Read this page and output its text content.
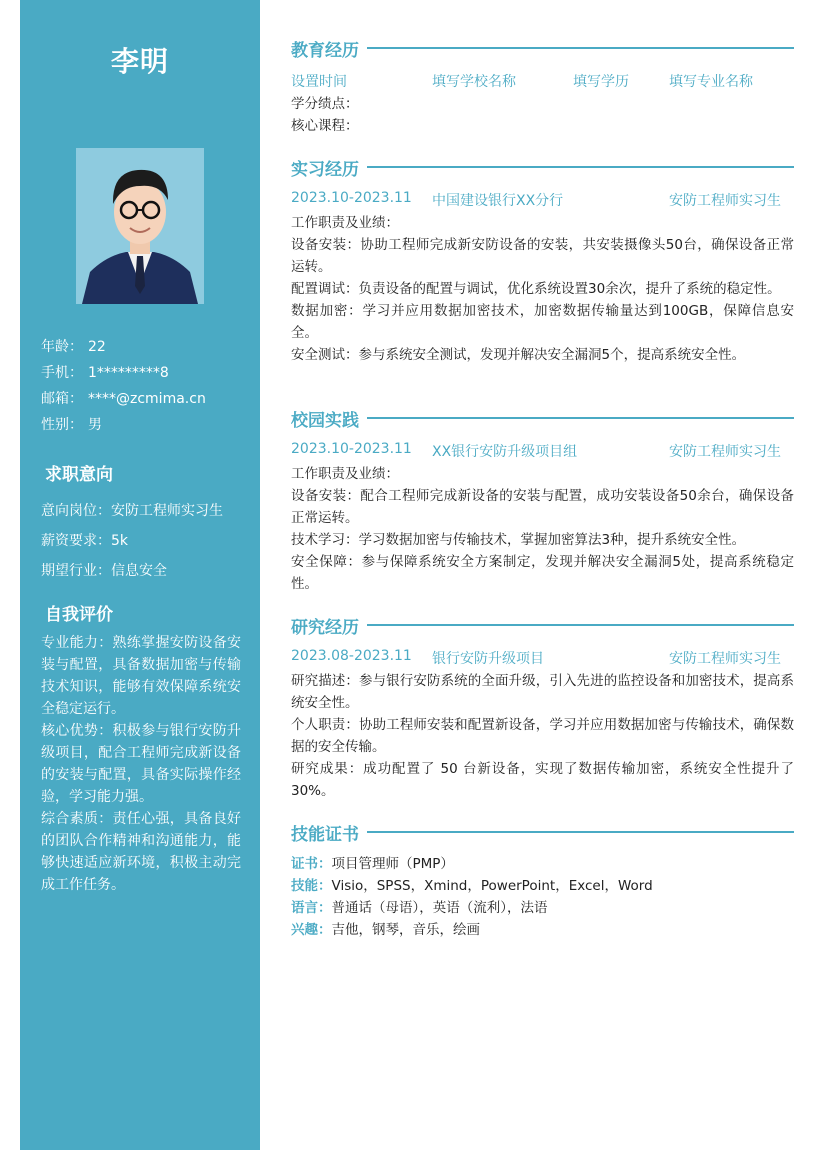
李明
年龄： 22
手机： 1*********8
邮箱： ****@zcmima.cn
性别： 男
求职意向
意向岗位：安防工程师实习生
薪资要求：5k
期望行业：信息安全
自我评价
专业能力：熟练掌握安防设备安装与配置，具备数据加密与传输技术知识，能够有效保障系统安全稳定运行。
核心优势：积极参与银行安防升级项目，配合工程师完成新设备的安装与配置，具备实际操作经验，学习能力强。
综合素质：责任心强，具备良好的团队合作精神和沟通能力，能够快速适应新环境，积极主动完成工作任务。
教育经历
设置时间	填写学校名称	填写学历	填写专业名称
学分绩点：
核心课程：
实习经历
2023.10-2023.11 中国建设银行XX分行	安防工程师实习生
工作职责及业绩：
设备安装：协助工程师完成新安防设备的安装，共安装摄像头50台，确保设备正常运转。
配置调试：负责设备的配置与调试，优化系统设置30余次，提升了系统的稳定性。
数据加密：学习并应用数据加密技术，加密数据传输量达到100GB，保障信息安全。
安全测试：参与系统安全测试，发现并解决安全漏洞5个，提高系统安全性。
校园实践
2023.10-2023.11 XX银行安防升级项目组	安防工程师实习生
工作职责及业绩：
设备安装：配合工程师完成新设备的安装与配置，成功安装设备50余台，确保设备正常运转。
技术学习：学习数据加密与传输技术，掌握加密算法3种，提升系统安全性。
安全保障：参与保障系统安全方案制定，发现并解决安全漏洞5处，提高系统稳定性。
研究经历
2023.08-2023.11 银行安防升级项目	安防工程师实习生
研究描述：参与银行安防系统的全面升级，引入先进的监控设备和加密技术，提高系统安全性。
个人职责：协助工程师安装和配置新设备，学习并应用数据加密与传输技术，确保数据的安全传输。
研究成果：成功配置了 50 台新设备，实现了数据传输加密，系统安全性提升了 30%。
技能证书
证书：项目管理师（PMP）
技能：Visio，SPSS，Xmind，PowerPoint，Excel，Word
语言：普通话（母语），英语（流利），法语
兴趣：吉他，钢琴，音乐，绘画
